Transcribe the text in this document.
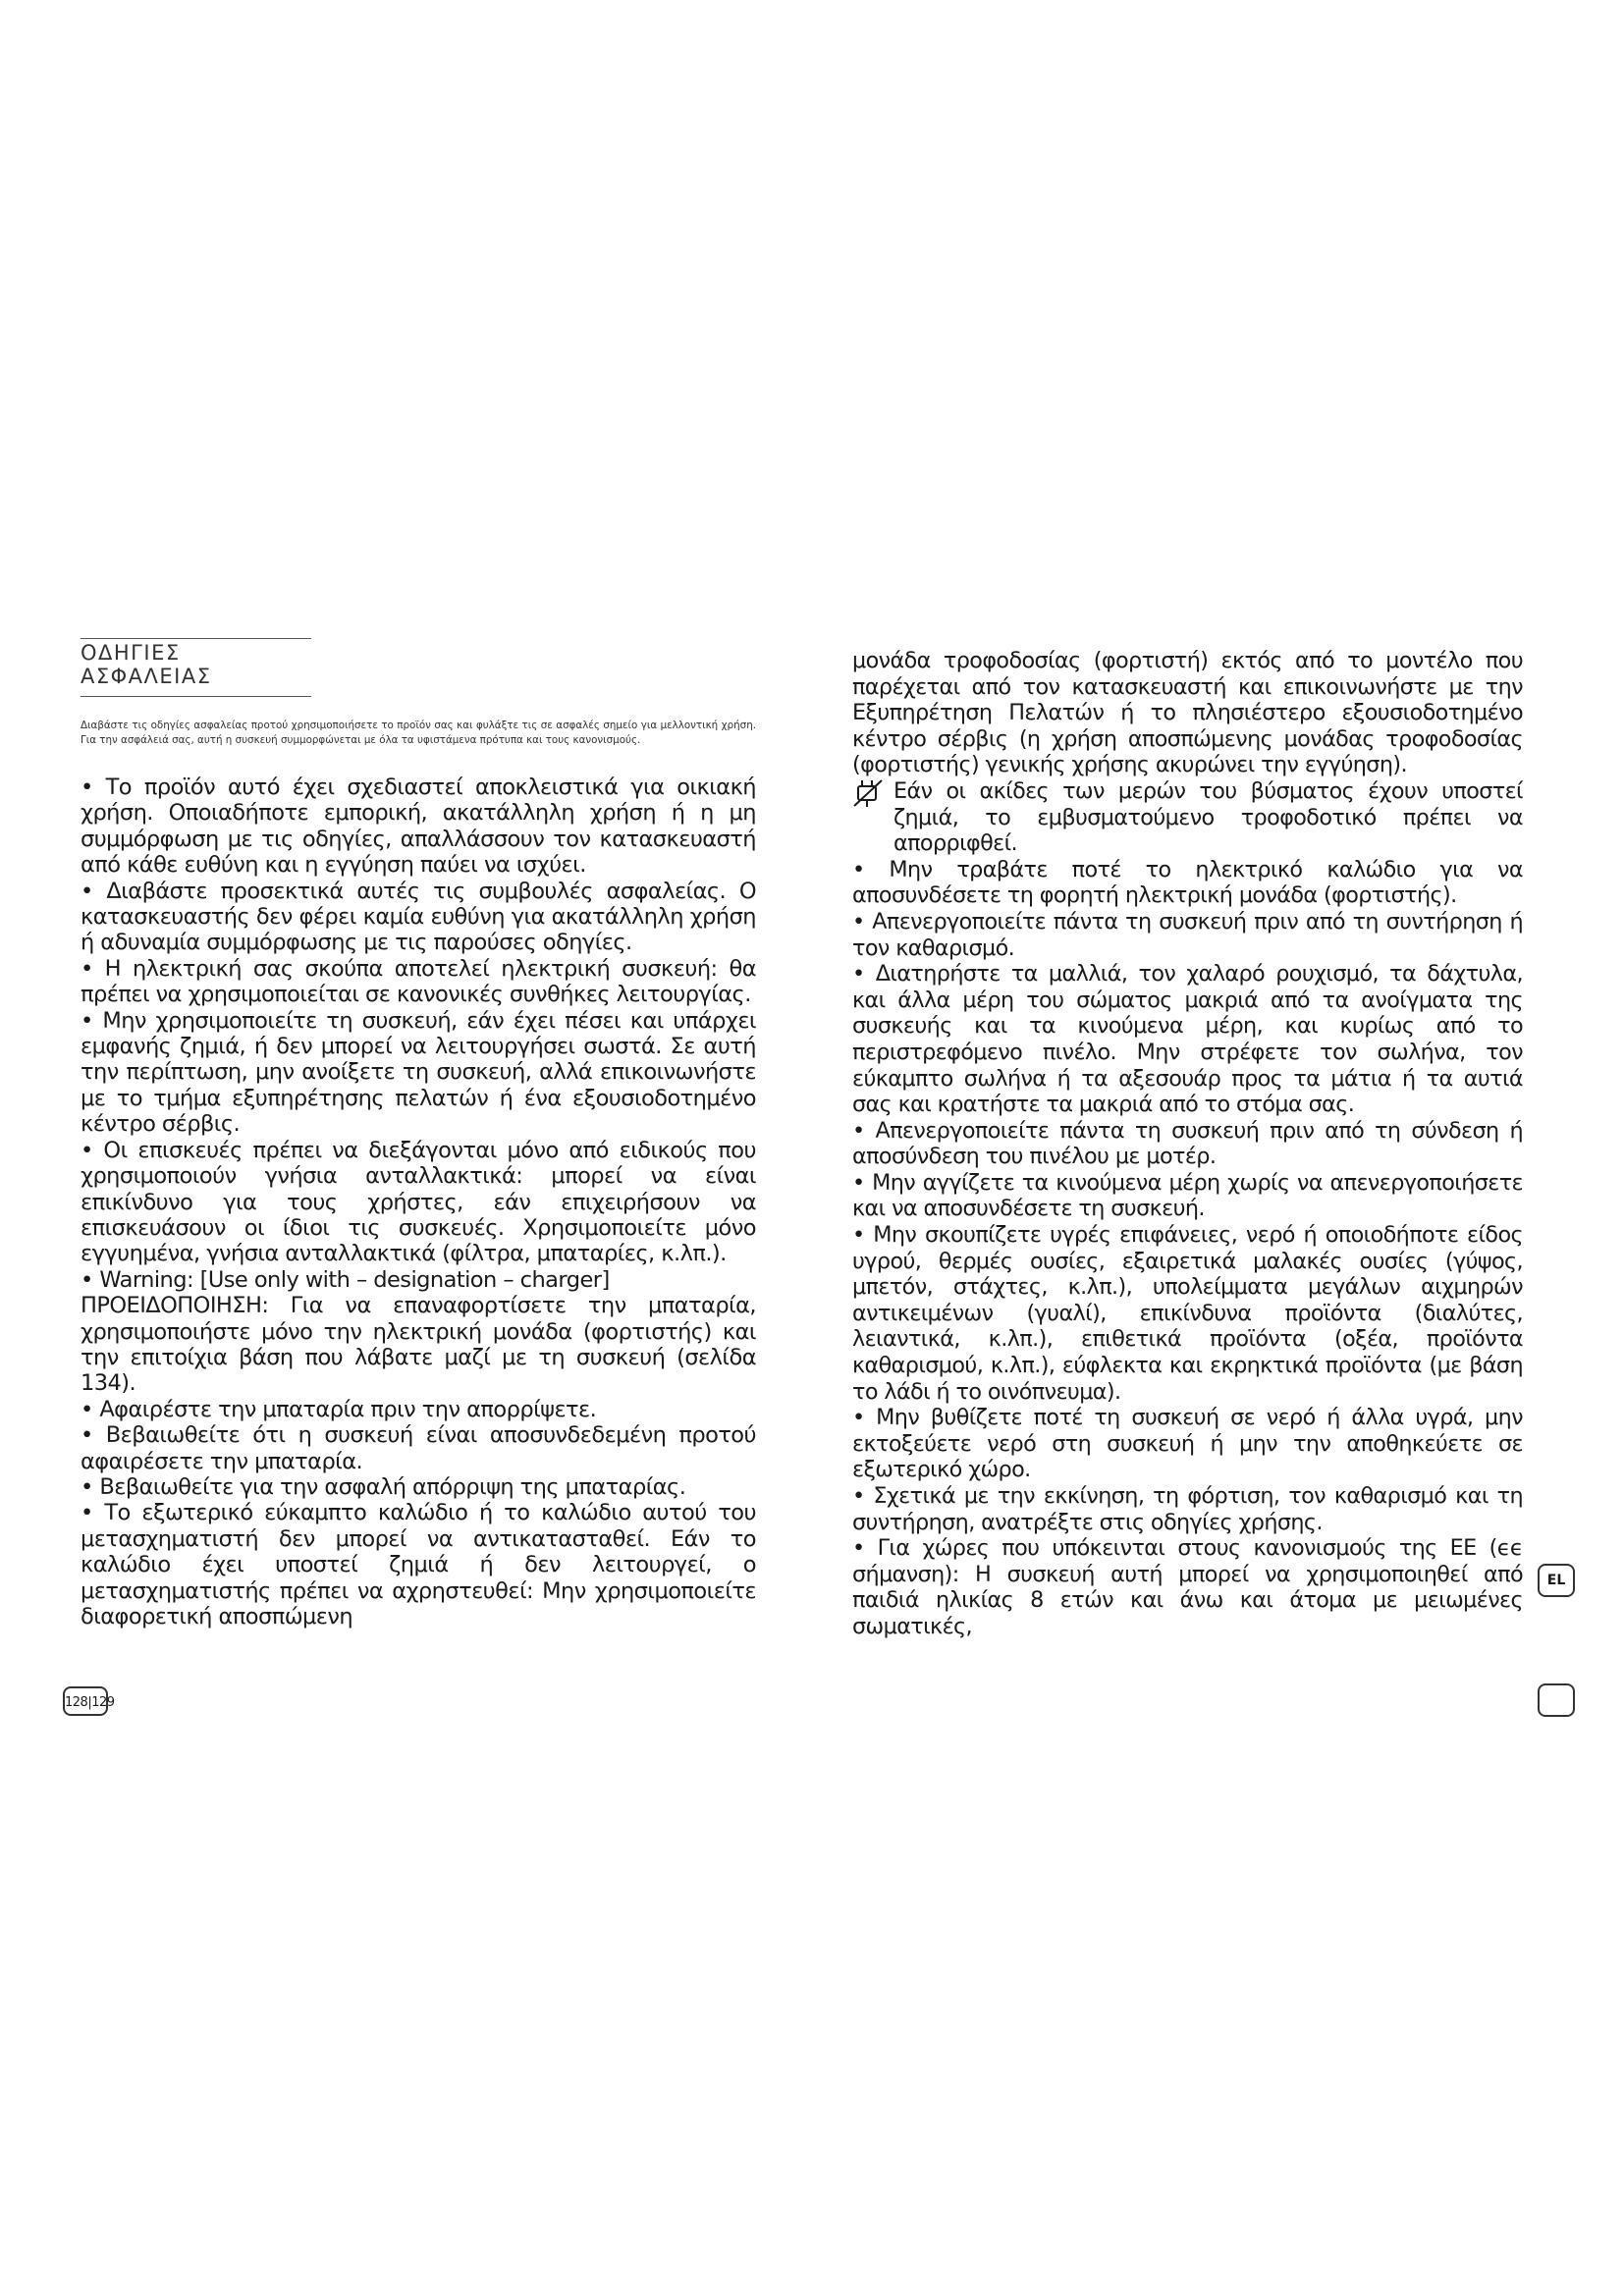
ΟΔΗΓΙΕΣ ΑΣΦΑΛΕΙΑΣ
Διαβάστε τις οδηγίες ασφαλείας προτού χρησιμοποιήσετε το προϊόν σας και φυλάξτε τις σε ασφαλές σημείο για μελλοντική χρήση. Για την ασφάλειά σας, αυτή η συσκευή συμμορφώνεται με όλα τα υφιστάμενα πρότυπα και τους κανονισμούς.

• Το προϊόν αυτό έχει σχεδιαστεί αποκλειστικά για οικιακή χρήση. Οποιαδήποτε εμπορική, ακατάλληλη χρήση ή η μη συμμόρφωση με τις οδηγίες, απαλλάσσουν τον κατασκευαστή από κάθε ευθύνη και η εγγύηση παύει να ισχύει.

• Διαβάστε προσεκτικά αυτές τις συμβουλές ασφαλείας. Ο κατασκευαστής δεν φέρει καμία ευθύνη για ακατάλληλη χρήση ή αδυναμία συμμόρφωσης με τις παρούσες οδηγίες.

• Η ηλεκτρική σας σκούπα αποτελεί ηλεκτρική συσκευή: θα πρέπει να χρησιμοποιείται σε κανονικές συνθήκες λειτουργίας.

• Μην χρησιμοποιείτε τη συσκευή, εάν έχει πέσει και υπάρχει εμφανής ζημιά, ή δεν μπορεί να λειτουργήσει σωστά. Σε αυτή την περίπτωση, μην ανοίξετε τη συσκευή, αλλά επικοινωνήστε με το τμήμα εξυπηρέτησης πελατών ή ένα εξουσιοδοτημένο κέντρο σέρβις.

• Οι επισκευές πρέπει να διεξάγονται μόνο από ειδικούς που χρησιμοποιούν γνήσια ανταλλακτικά: μπορεί να είναι επικίνδυνο για τους χρήστες, εάν επιχειρήσουν να επισκευάσουν οι ίδιοι τις συσκευές. Χρησιμοποιείτε μόνο εγγυημένα, γνήσια ανταλλακτικά (φίλτρα, μπαταρίες, κ.λπ.).

• Warning: [Use only with – designation – charger]

ΠΡΟΕΙΔΟΠΟΙΗΣΗ: Για να επαναφορτίσετε την μπαταρία, χρησιμοποιήστε μόνο την ηλεκτρική μονάδα (φορτιστής) και την επιτοίχια βάση που λάβατε μαζί με τη συσκευή (σελίδα 134).

• Αφαιρέστε την μπαταρία πριν την απορρίψετε.

• Βεβαιωθείτε ότι η συσκευή είναι αποσυνδεδεμένη προτού αφαιρέσετε την μπαταρία.

• Βεβαιωθείτε για την ασφαλή απόρριψη της μπαταρίας.

• Το εξωτερικό εύκαμπτο καλώδιο ή το καλώδιο αυτού του μετασχηματιστή δεν μπορεί να αντικατασταθεί. Εάν το καλώδιο έχει υποστεί ζημιά ή δεν λειτουργεί, ο μετασχηματιστής πρέπει να αχρηστευθεί: Μην χρησιμοποιείτε διαφορετική αποσπώμενη

μονάδα τροφοδοσίας (φορτιστή) εκτός από το μοντέλο που παρέχεται από τον κατασκευαστή και επικοινωνήστε με την Εξυπηρέτηση Πελατών ή το πλησιέστερο εξουσιοδοτημένο κέντρο σέρβις (η χρήση αποσπώμενης μονάδας τροφοδοσίας (φορτιστής) γενικής χρήσης ακυρώνει την εγγύηση).

Εάν οι ακίδες των μερών του βύσματος έχουν υποστεί ζημιά, το εμβυσματούμενο τροφοδοτικό πρέπει να απορριφθεί.

• Μην τραβάτε ποτέ το ηλεκτρικό καλώδιο για να αποσυνδέσετε τη φορητή ηλεκτρική μονάδα (φορτιστής).

• Απενεργοποιείτε πάντα τη συσκευή πριν από τη συντήρηση ή τον καθαρισμό.

• Διατηρήστε τα μαλλιά, τον χαλαρό ρουχισμό, τα δάχτυλα, και άλλα μέρη του σώματος μακριά από τα ανοίγματα της συσκευής και τα κινούμενα μέρη, και κυρίως από το περιστρεφόμενο πινέλο. Μην στρέφετε τον σωλήνα, τον εύκαμπτο σωλήνα ή τα αξεσουάρ προς τα μάτια ή τα αυτιά σας και κρατήστε τα μακριά από το στόμα σας.

• Απενεργοποιείτε πάντα τη συσκευή πριν από τη σύνδεση ή αποσύνδεση του πινέλου με μοτέρ.

• Μην αγγίζετε τα κινούμενα μέρη χωρίς να απενεργοποιήσετε και να αποσυνδέσετε τη συσκευή.

• Μην σκουπίζετε υγρές επιφάνειες, νερό ή οποιοδήποτε είδος υγρού, θερμές ουσίες, εξαιρετικά μαλακές ουσίες (γύψος, μπετόν, στάχτες, κ.λπ.), υπολείμματα μεγάλων αιχμηρών αντικειμένων (γυαλί), επικίνδυνα προϊόντα (διαλύτες, λειαντικά, κ.λπ.), επιθετικά προϊόντα (οξέα, προϊόντα καθαρισμού, κ.λπ.), εύφλεκτα και εκρηκτικά προϊόντα (με βάση το λάδι ή το οινόπνευμα).

• Μην βυθίζετε ποτέ τη συσκευή σε νερό ή άλλα υγρά, μην εκτοξεύετε νερό στη συσκευή ή μην την αποθηκεύετε σε εξωτερικό χώρο.

• Σχετικά με την εκκίνηση, τη φόρτιση, τον καθαρισμό και τη συντήρηση, ανατρέξτε στις οδηγίες χρήσης.

• Για χώρες που υπόκεινται στους κανονισμούς της ΕΕ (ϵϵ σήμανση): Η συσκευή αυτή μπορεί να χρησιμοποιηθεί από παιδιά ηλικίας 8 ετών και άνω και άτομα με μειωμένες σωματικές,

128|129
EL
